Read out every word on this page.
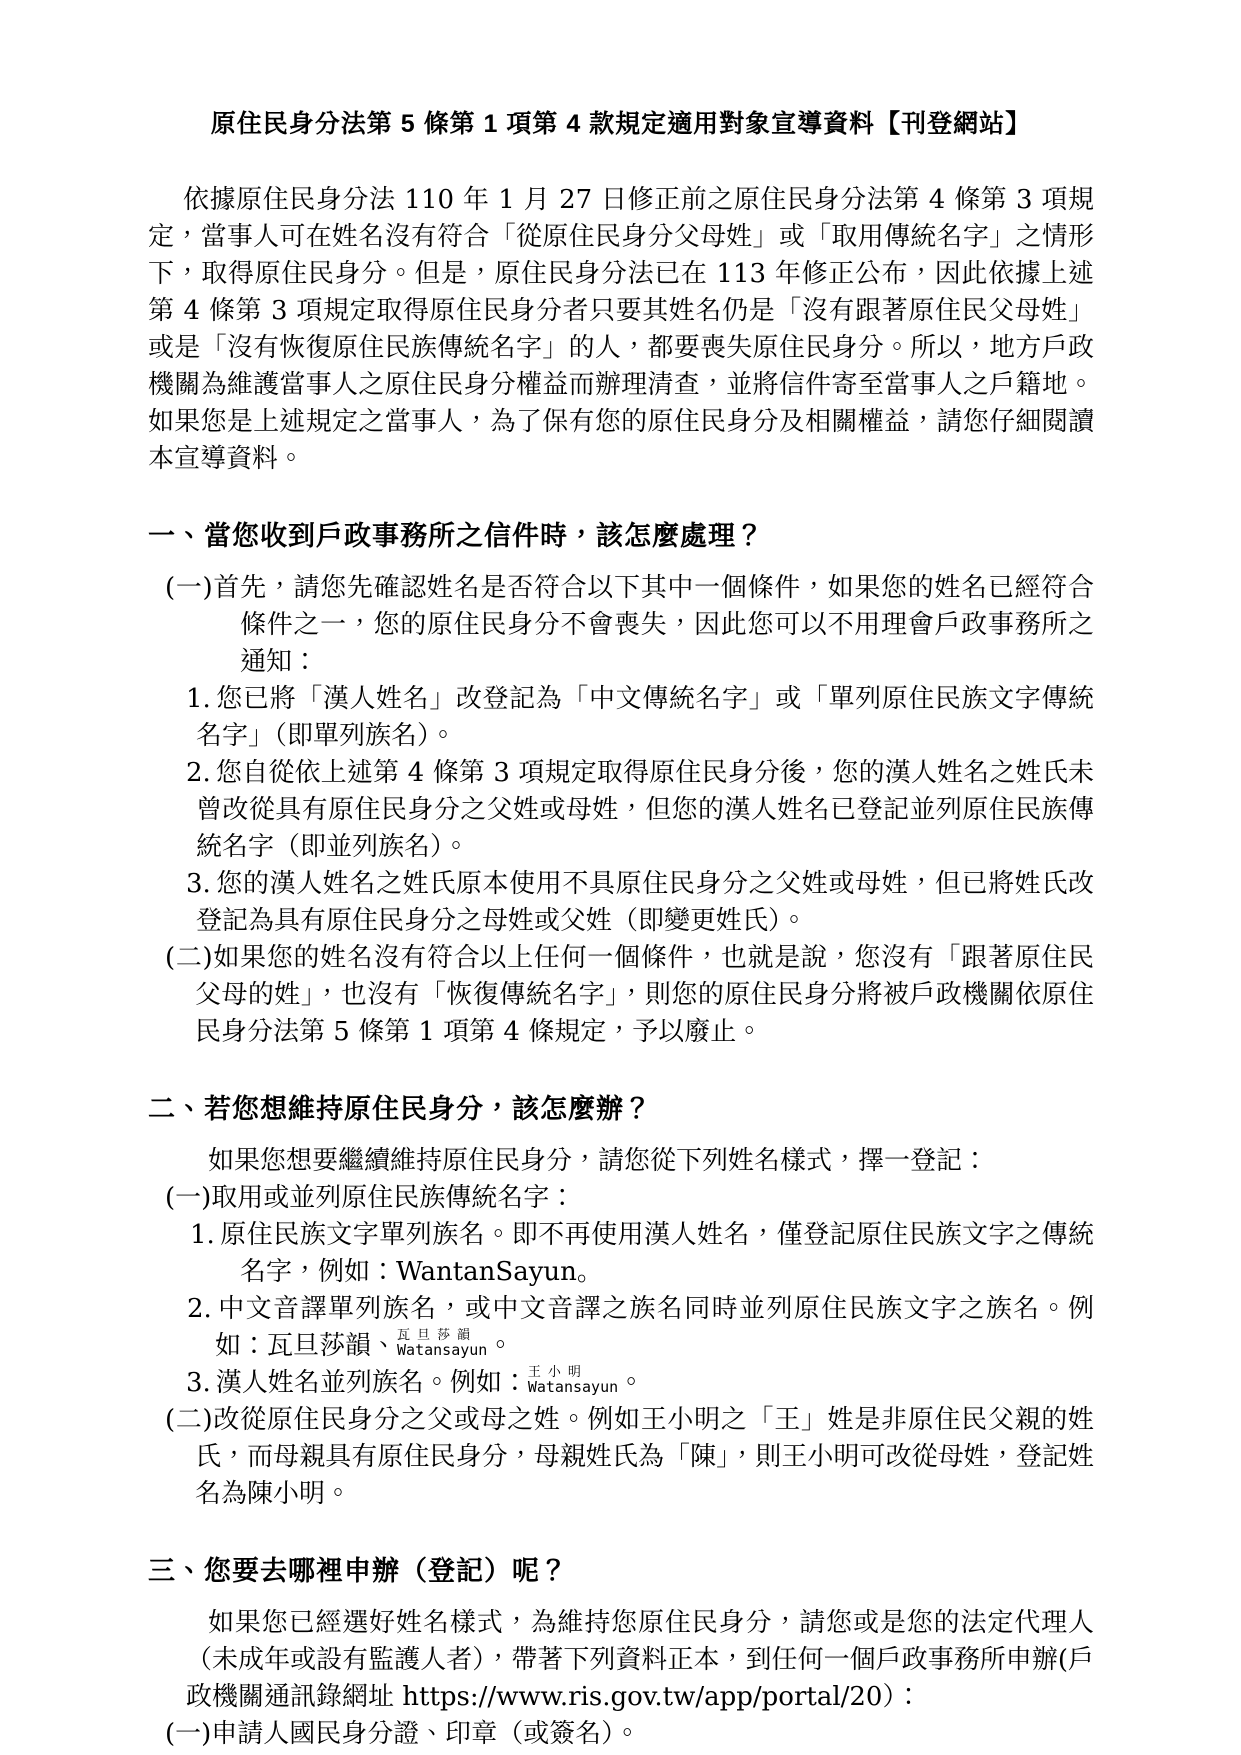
原住民身分法第 5 條第 1 項第 4 款規定適用對象宣導資料【刊登網站】

依據原住民身分法 110 年 1 月 27 日修正前之原住民身分法第 4 條第 3 項規定，當事人可在姓名沒有符合「從原住民身分父母姓」或「取用傳統名字」之情形下，取得原住民身分。但是，原住民身分法已在 113 年修正公布，因此依據上述第 4 條第 3 項規定取得原住民身分者只要其姓名仍是「沒有跟著原住民父母姓」或是「沒有恢復原住民族傳統名字」的人，都要喪失原住民身分。所以，地方戶政機關為維護當事人之原住民身分權益而辦理清查，並將信件寄至當事人之戶籍地。如果您是上述規定之當事人，為了保有您的原住民身分及相關權益，請您仔細閱讀本宣導資料。

一、當您收到戶政事務所之信件時，該怎麼處理？

(一)首先，請您先確認姓名是否符合以下其中一個條件，如果您的姓名已經符合條件之一，您的原住民身分不會喪失，因此您可以不用理會戶政事務所之通知：

1. 您已將「漢人姓名」改登記為「中文傳統名字」或「單列原住民族文字傳統名字」（即單列族名）。

2. 您自從依上述第 4 條第 3 項規定取得原住民身分後，您的漢人姓名之姓氏未曾改從具有原住民身分之父姓或母姓，但您的漢人姓名已登記並列原住民族傳統名字（即並列族名）。

3. 您的漢人姓名之姓氏原本使用不具原住民身分之父姓或母姓，但已將姓氏改登記為具有原住民身分之母姓或父姓（即變更姓氏）。

(二)如果您的姓名沒有符合以上任何一個條件，也就是說，您沒有「跟著原住民父母的姓」，也沒有「恢復傳統名字」，則您的原住民身分將被戶政機關依原住民身分法第 5 條第 1 項第 4 條規定，予以廢止。

二、若您想維持原住民身分，該怎麼辦？

如果您想要繼續維持原住民身分，請您從下列姓名樣式，擇一登記：

(一)取用或並列原住民族傳統名字：

1. 原住民族文字單列族名。即不再使用漢人姓名，僅登記原住民族文字之傳統名字，例如：WantanSayun。

2. 中文音譯單列族名，或中文音譯之族名同時並列原住民族文字之族名。例如：瓦旦莎韻、 瓦旦莎韻
Watansayun 。

3. 漢人姓名並列族名。例如： 王小明
Watansayun 。

(二)改從原住民身分之父或母之姓。例如王小明之「王」姓是非原住民父親的姓氏，而母親具有原住民身分，母親姓氏為「陳」，則王小明可改從母姓，登記姓名為陳小明。

三、您要去哪裡申辦（登記）呢？

如果您已經選好姓名樣式，為維持您原住民身分，請您或是您的法定代理人（未成年或設有監護人者），帶著下列資料正本，到任何一個戶政事務所申辦(戶政機關通訊錄網址 https://www.ris.gov.tw/app/portal/20）：

(一)申請人國民身分證、印章（或簽名）。
